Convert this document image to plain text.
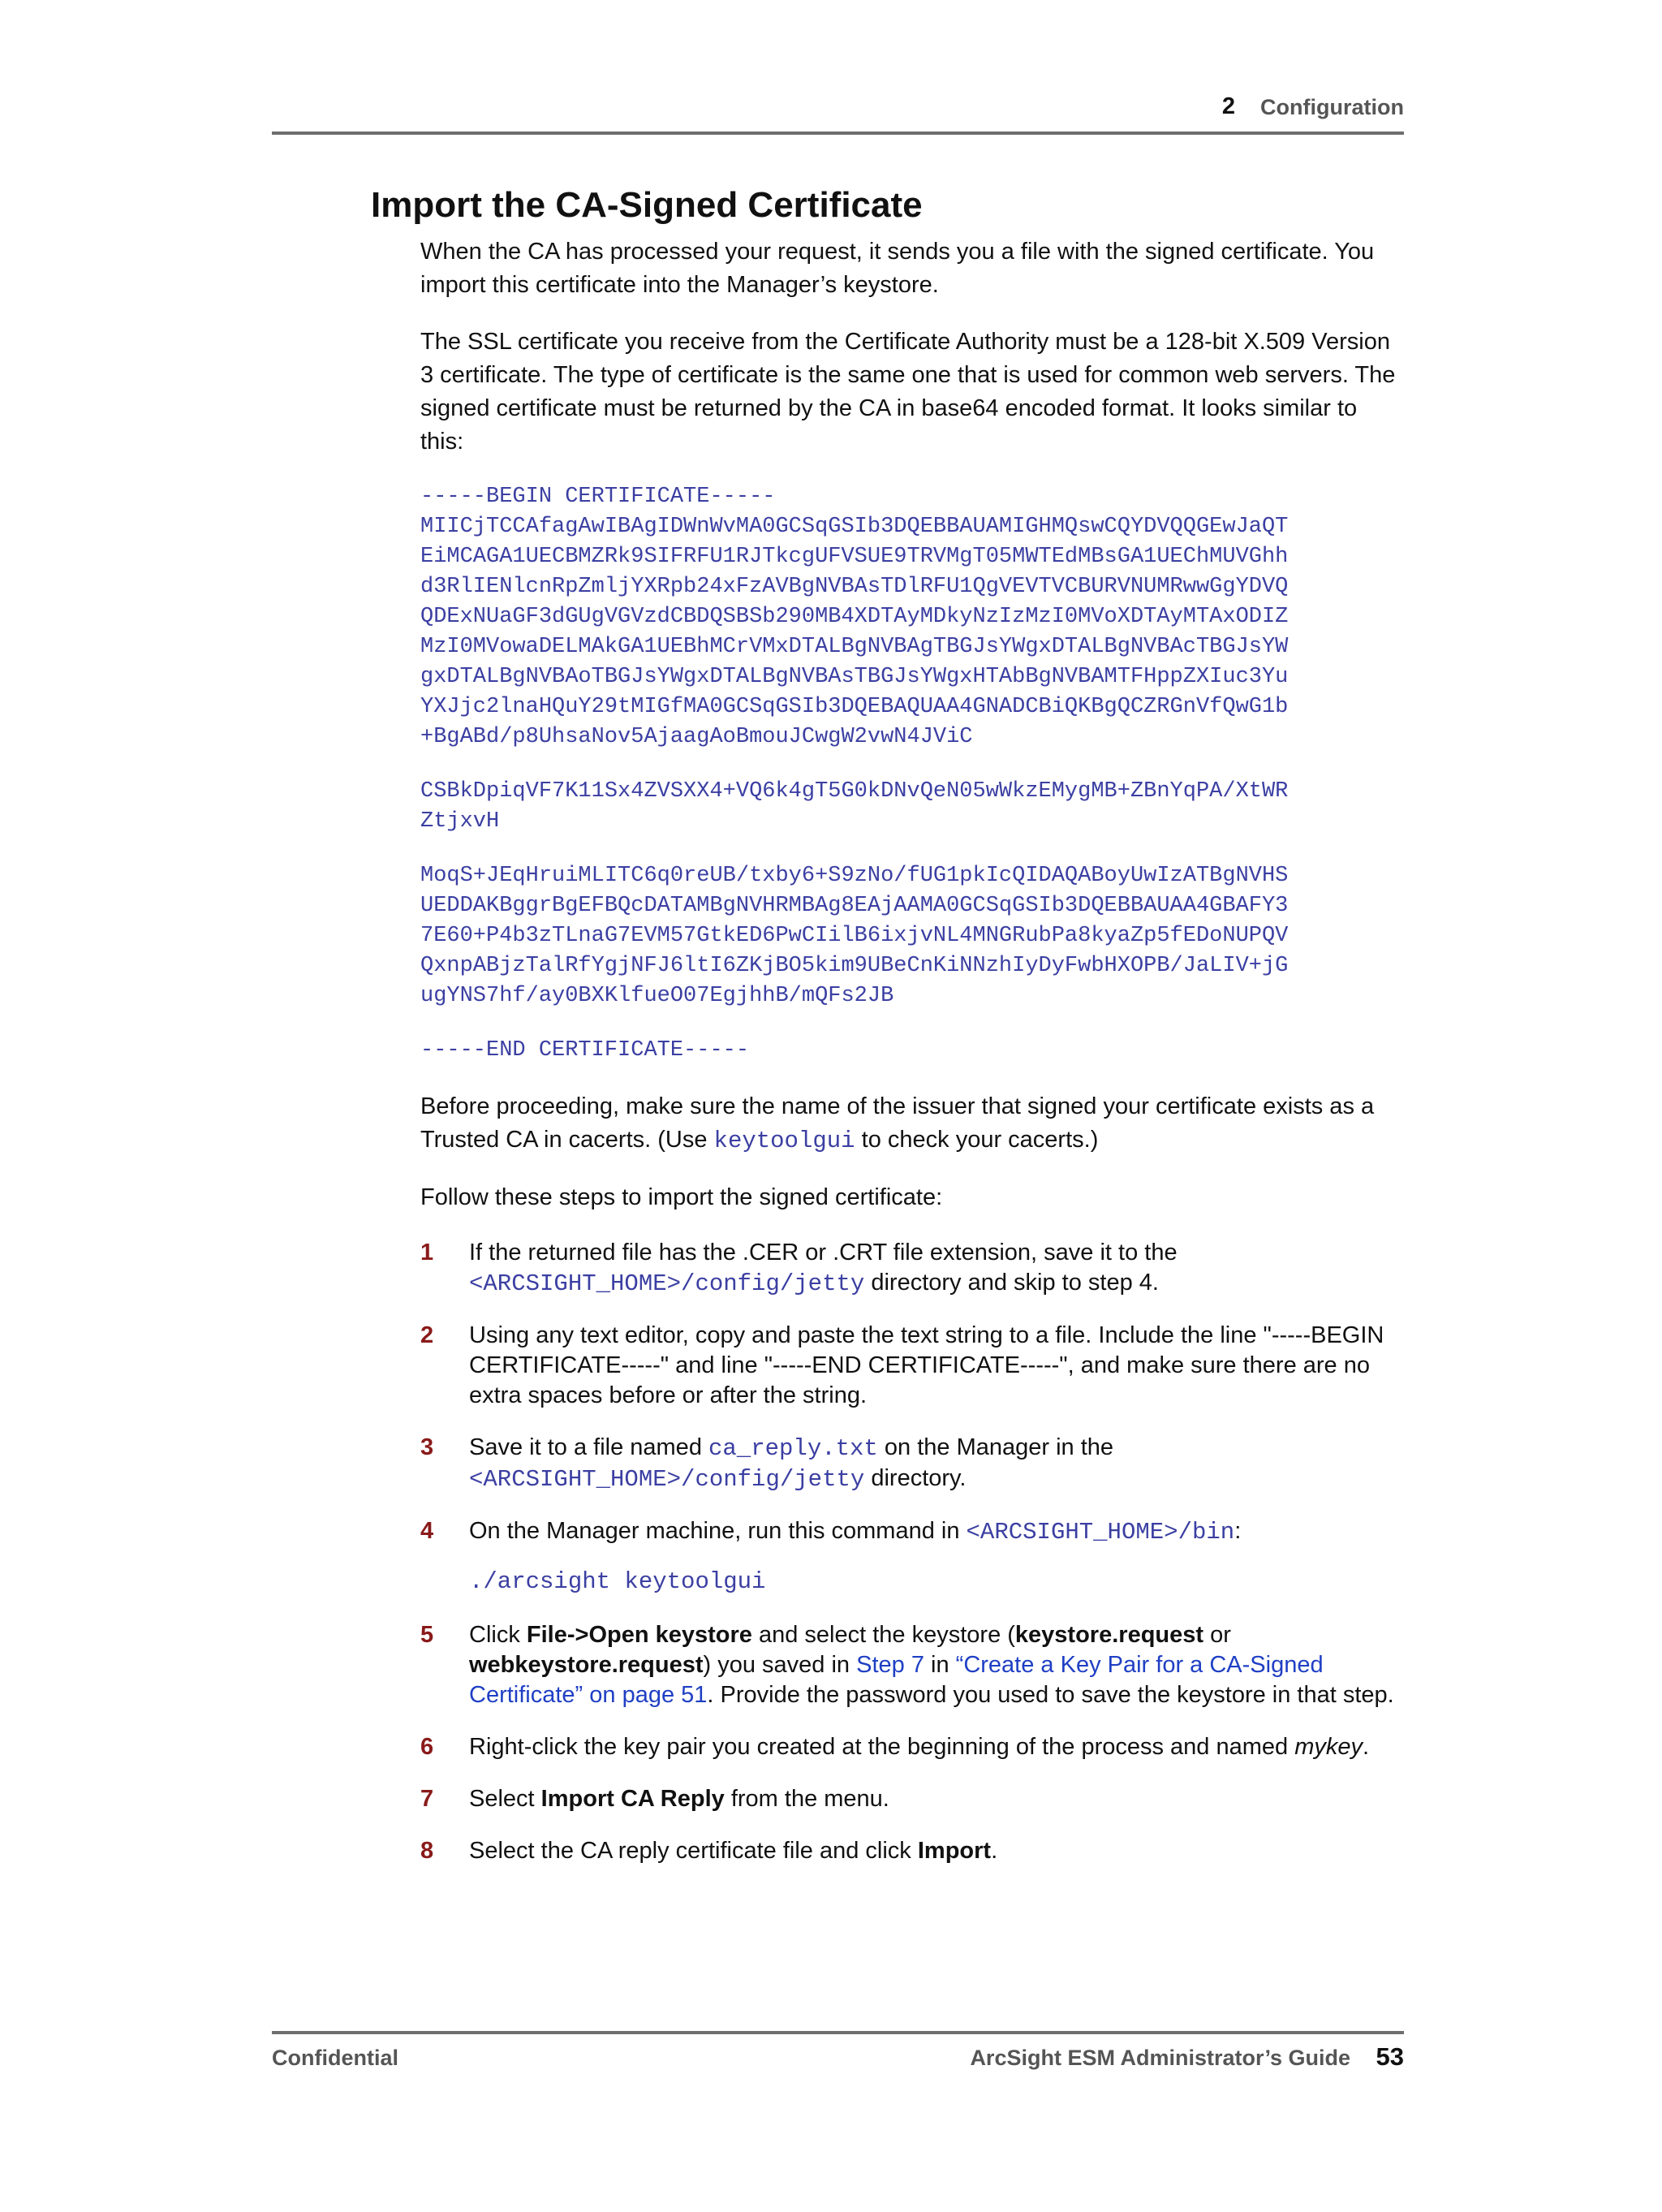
2 Configuration
Import the CA-Signed Certificate

When the CA has processed your request, it sends you a file with the signed certificate. You import this certificate into the Manager’s keystore.

The SSL certificate you receive from the Certificate Authority must be a 128-bit X.509 Version 3 certificate. The type of certificate is the same one that is used for common web servers. The signed certificate must be returned by the CA in base64 encoded format. It looks similar to this:

-----BEGIN CERTIFICATE-----
MIICjTCCAfagAwIBAgIDWnWvMA0GCSqGSIb3DQEBBAUAMIGHMQswCQYDVQQGEwJaQT
EiMCAGA1UECBMZRk9SIFRFU1RJTkcgUFVSUE9TRVMgT05MWTEdMBsGA1UEChMUVGhh
d3RlIENlcnRpZmljYXRpb24xFzAVBgNVBAsTDlRFU1QgVEVTVCBURVNUMRwwGgYDVQ
QDExNUaGF3dGUgVGVzdCBDQSBSb290MB4XDTAyMDkyNzIzMzI0MVoXDTAyMTAxODIZ
MzI0MVowaDELMAkGA1UEBhMCrVMxDTALBgNVBAgTBGJsYWgxDTALBgNVBAcTBGJsYW
gxDTALBgNVBAoTBGJsYWgxDTALBgNVBAsTBGJsYWgxHTAbBgNVBAMTFHppZXIuc3Yu
YXJjc2lnaHQuY29tMIGfMA0GCSqGSIb3DQEBAQUAA4GNADCBiQKBgQCZRGnVfQwG1b
+BgABd/p8UhsaNov5AjaagAoBmouJCwgW2vwN4JViC
CSBkDpiqVF7K11Sx4ZVSXX4+VQ6k4gT5G0kDNvQeN05wWkzEMygMB+ZBnYqPA/XtWR
ZtjxvH
MoqS+JEqHruiMLITC6q0reUB/txby6+S9zNo/fUG1pkIcQIDAQABoyUwIzATBgNVHS
UEDDAKBggrBgEFBQcDATAMBgNVHRMBAg8EAjAAMA0GCSqGSIb3DQEBBAUAA4GBAFY3
7E60+P4b3zTLnaG7EVM57GtkED6PwCIilB6ixjvNL4MNGRubPa8kyaZp5fEDoNUPQV
QxnpABjzTalRfYgjNFJ6ltI6ZKjBO5kim9UBeCnKiNNzhIyDyFwbHXOPB/JaLIV+jG
ugYNS7hf/ay0BXKlfueO07EgjhhB/mQFs2JB
-----END CERTIFICATE-----

Before proceeding, make sure the name of the issuer that signed your certificate exists as a Trusted CA in cacerts. (Use keytoolgui to check your cacerts.)

Follow these steps to import the signed certificate:

1 If the returned file has the .CER or .CRT file extension, save it to the <ARCSIGHT_HOME>/config/jetty directory and skip to step 4.
2 Using any text editor, copy and paste the text string to a file. Include the line "-----BEGIN CERTIFICATE-----" and line "-----END CERTIFICATE-----", and make sure there are no extra spaces before or after the string.
3 Save it to a file named ca_reply.txt on the Manager in the <ARCSIGHT_HOME>/config/jetty directory.
4 On the Manager machine, run this command in <ARCSIGHT_HOME>/bin:
./arcsight keytoolgui
5 Click File->Open keystore and select the keystore (keystore.request or webkeystore.request) you saved in Step 7 in “Create a Key Pair for a CA-Signed Certificate” on page 51. Provide the password you used to save the keystore in that step.
6 Right-click the key pair you created at the beginning of the process and named mykey.
7 Select Import CA Reply from the menu.
8 Select the CA reply certificate file and click Import.
Confidential	ArcSight ESM Administrator’s Guide 53
